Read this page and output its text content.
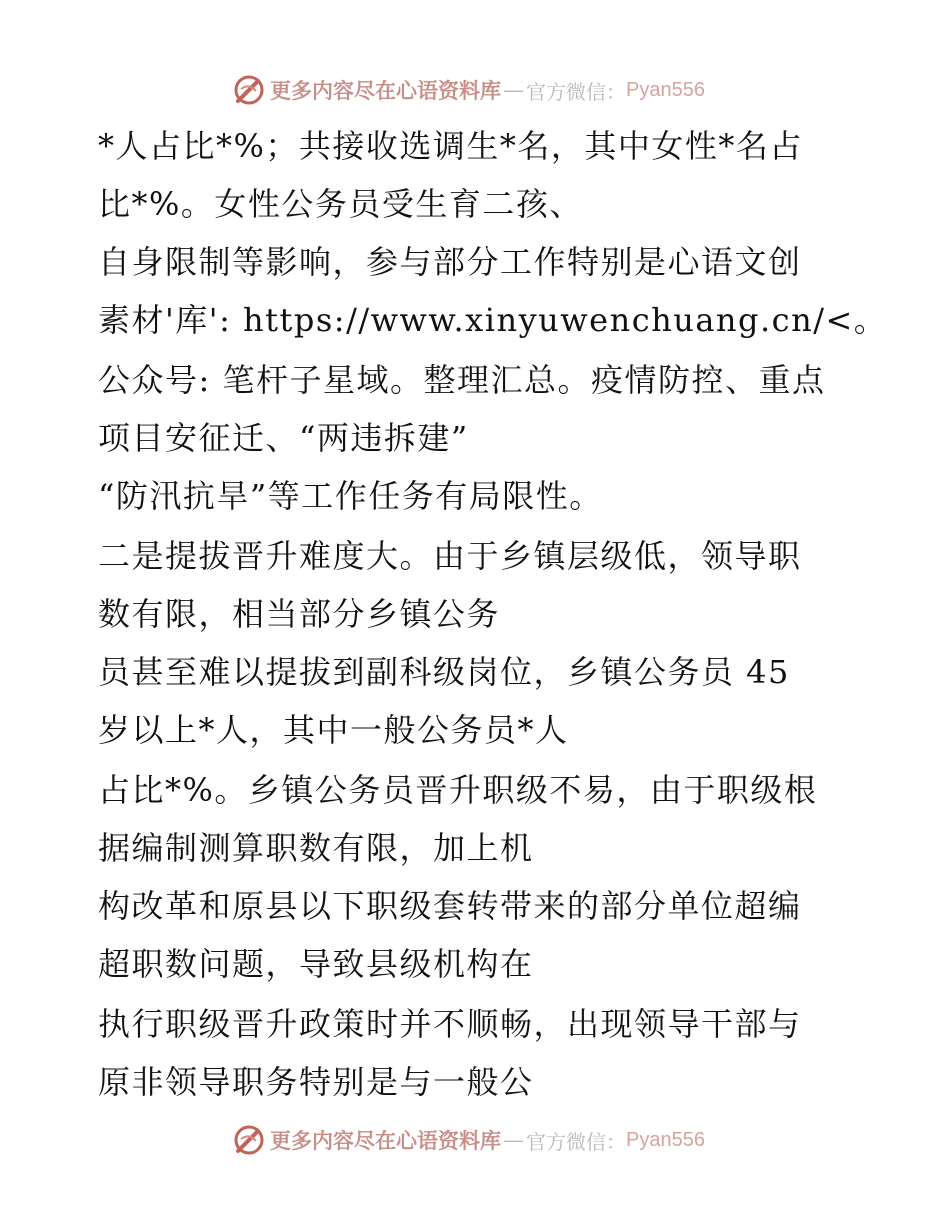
更多内容尽在心语资料库 — 官方微信： Pyan556
*人占比*%；共接收选调生*名，其中女性*名占
比*%。女性公务员受生育二孩、
自身限制等影响，参与部分工作特别是心语文创
素材'库': https://www.xinyuwenchuang.cn/<。
公众号: 笔杆子星域。整理汇总。疫情防控、重点
项目安征迁、“两违拆建”
“防汛抗旱”等工作任务有局限性。
二是提拔晋升难度大。由于乡镇层级低，领导职
数有限，相当部分乡镇公务
员甚至难以提拔到副科级岗位，乡镇公务员 45
岁以上*人，其中一般公务员*人
占比*%。乡镇公务员晋升职级不易，由于职级根
据编制测算职数有限，加上机
构改革和原县以下职级套转带来的部分单位超编
超职数问题，导致县级机构在
执行职级晋升政策时并不顺畅，出现领导干部与
原非领导职务特别是与一般公
更多内容尽在心语资料库 — 官方微信： Pyan556
